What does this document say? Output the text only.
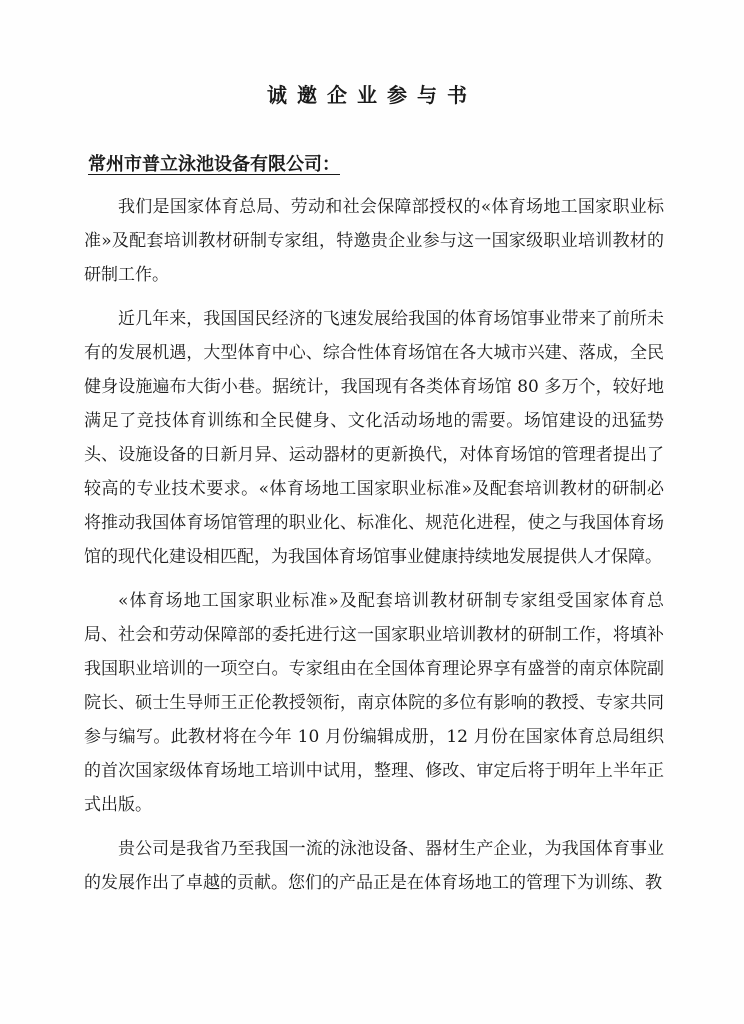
诚邀企业参与书
常州市普立泳池设备有限公司：

我们是国家体育总局、劳动和社会保障部授权的«体育场地工国家职业标准»及配套培训教材研制专家组，特邀贵企业参与这一国家级职业培训教材的研制工作。

近几年来，我国国民经济的飞速发展给我国的体育场馆事业带来了前所未有的发展机遇，大型体育中心、综合性体育场馆在各大城市兴建、落成，全民健身设施遍布大街小巷。据统计，我国现有各类体育场馆 80 多万个，较好地满足了竞技体育训练和全民健身、文化活动场地的需要。场馆建设的迅猛势头、设施设备的日新月异、运动器材的更新换代，对体育场馆的管理者提出了较高的专业技术要求。«体育场地工国家职业标准»及配套培训教材的研制必将推动我国体育场馆管理的职业化、标准化、规范化进程，使之与我国体育场馆的现代化建设相匹配，为我国体育场馆事业健康持续地发展提供人才保障。

«体育场地工国家职业标准»及配套培训教材研制专家组受国家体育总局、社会和劳动保障部的委托进行这一国家职业培训教材的研制工作，将填补我国职业培训的一项空白。专家组由在全国体育理论界享有盛誉的南京体院副院长、硕士生导师王正伦教授领衔，南京体院的多位有影响的教授、专家共同参与编写。此教材将在今年 10 月份编辑成册，12 月份在国家体育总局组织的首次国家级体育场地工培训中试用，整理、修改、审定后将于明年上半年正式出版。

贵公司是我省乃至我国一流的泳池设备、器材生产企业，为我国体育事业的发展作出了卓越的贡献。您们的产品正是在体育场地工的管理下为训练、教
